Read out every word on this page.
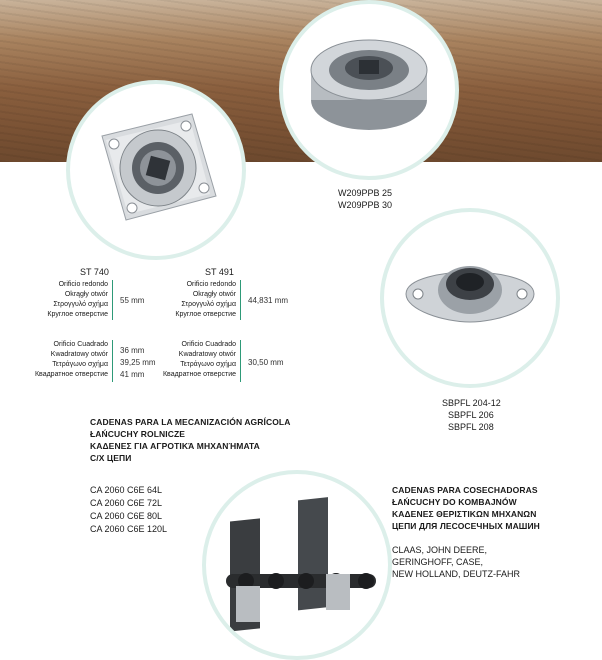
W209PPB 25
W209PPB 30
ST 740
Orificio redondo
Okrągły otwór
Στρογγυλό σχήμα
Круглое отверстие
55 mm
Orificio Cuadrado
Kwadratowy otwór
Τετράγωνο σχήμα
Квадратное отверстие
36 mm
39,25 mm
41 mm
ST 491
Orificio redondo
Okrągły otwór
Στρογγυλό σχήμα
Круглое отверстие
44,831 mm
Orificio Cuadrado
Kwadratowy otwór
Τετράγωνο σχήμα
Квадратное отверстие
30,50 mm
SBPFL 204-12
SBPFL 206
SBPFL 208
CADENAS PARA LA MECANIZACIÓN AGRÍCOLA
ŁAŃCUCHY ROLNICZE
ΚΑΔΕΝΕΣ ΓΙΑ ΑΓΡΟΤΙΚΆ ΜΗΧΑΝΉΜΑΤΑ
С/Х ЦЕПИ
CA 2060 C6E 64L
CA 2060 C6E 72L
CA 2060 C6E 80L
CA 2060 C6E 120L
CADENAS PARA COSECHADORAS
ŁAŃCUCHY DO KOMBAJNÓW
ΚΑΔΕΝΕΣ ΘΕΡΙΣΤΙΚΩΝ ΜΗΧΑΝΩΝ
ЦЕПИ ДЛЯ ЛЕСОСЕЧНЫХ МАШИН
CLAAS, JOHN DEERE,
GERINGHOFF, CASE,
NEW HOLLAND, DEUTZ-FAHR
